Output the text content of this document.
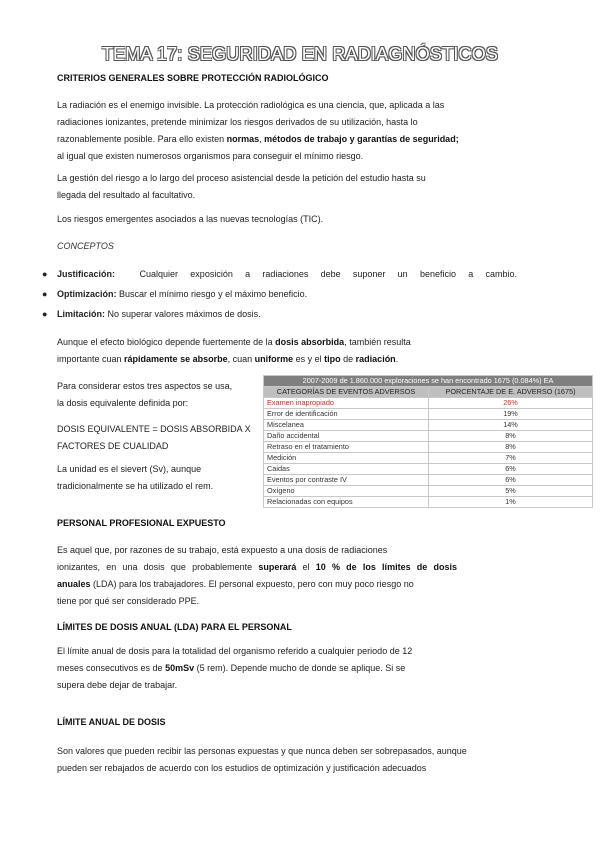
TEMA 17: SEGURIDAD EN RADIAGNÓSTICOS
CRITERIOS GENERALES SOBRE PROTECCIÓN RADIOLÓGICO
La radiación es el enemigo invisible. La protección radiológica es una ciencia, que, aplicada a las
radiaciones ionizantes, pretende minimizar los riesgos derivados de su utilización, hasta lo
razonablemente posible. Para ello existen normas, métodos de trabajo y garantías de seguridad;
al igual que existen numerosos organismos para conseguir el mínimo riesgo.
La gestión del riesgo a lo largo del proceso asistencial desde la petición del estudio hasta su
llegada del resultado al facultativo.
Los riesgos emergentes asociados a las nuevas tecnologías (TIC).
CONCEPTOS
● Justificación:	Cualquier exposición a radiaciones debe suponer un beneficio a cambio.
● Optimización: Buscar el mínimo riesgo y el máximo beneficio.
● Limitación: No superar valores máximos de dosis.
Aunque el efecto biológico depende fuertemente de la dosis absorbida, también resulta
importante cuan rápidamente se absorbe, cuan uniforme es y el tipo de radiación.
Para considerar estos tres aspectos se usa,
la dosis equivalente definida por:
DOSIS EQUIVALENTE = DOSIS ABSORBIDA X
FACTORES DE CUALIDAD
La unidad es el sievert (Sv), aunque
tradicionalmente se ha utilizado el rem.
2007-2009 de 1.860.000 exploraciones se han encontrado 1675 (0.084%) EA	
CATEGORÍAS DE EVENTOS ADVERSOS	PORCENTAJE DE E. ADVERSO (1675)
Examen inapropiado	26%
Error de identificación	19%
Miscelanea	14%
Daño accidental	8%
Retraso en el tratamiento	8%
Medición	7%
Caidas	6%
Eventos por contraste IV	6%
Oxígeno	5%
Relacionadas con equipos	1%
PERSONAL PROFESIONAL EXPUESTO
Es aquel que, por razones de su trabajo, está expuesto a una dosis de radiaciones
ionizantes, en una dosis que probablemente superará el 10 % de los límites de dosis
anuales (LDA) para los trabajadores. El personal expuesto, pero con muy poco riesgo no
tiene por qué ser considerado PPE.
LÍMITES DE DOSIS ANUAL (LDA) PARA EL PERSONAL
El límite anual de dosis para la totalidad del organismo referido a cualquier periodo de 12
meses consecutivos es de 50mSv (5 rem). Depende mucho de donde se aplique. Si se
supera debe dejar de trabajar.
LÍMITE ANUAL DE DOSIS
Son valores que pueden recibir las personas expuestas y que nunca deben ser sobrepasados, aunque
pueden ser rebajados de acuerdo con los estudios de optimización y justificación adecuados
